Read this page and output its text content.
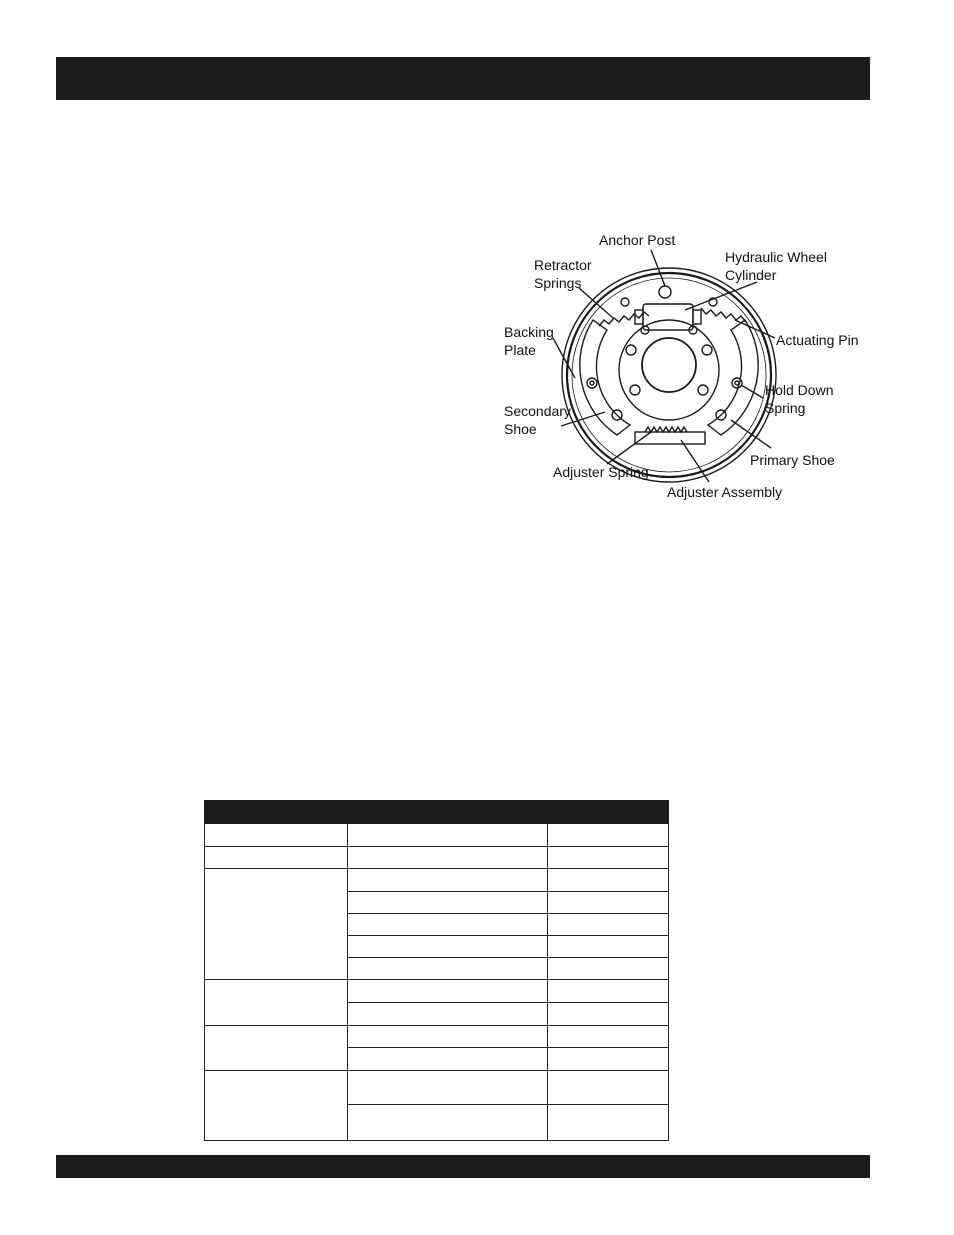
Anchor Post
Hydraulic Wheel
Cylinder
Retractor
Springs
Backing
Plate
Actuating Pin
Hold Down
Spring
Secondary
Shoe
Primary Shoe
Adjuster Spring
Adjuster Assembly
